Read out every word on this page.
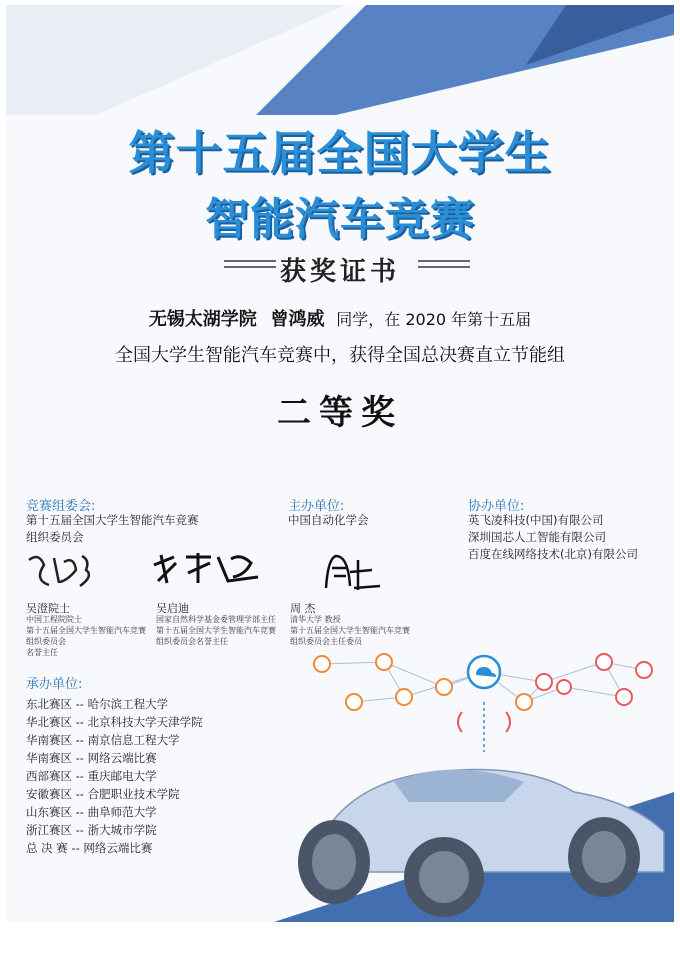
第十五届全国大学生
智能汽车竞赛
获奖证书
无锡太湖学院 曾鸿威 同学，在 2020 年第十五届
全国大学生智能汽车竞赛中，获得全国总决赛直立节能组
二等奖
竞赛组委会:
第十五届全国大学生智能汽车竞赛
组织委员会
主办单位:
中国自动化学会
协办单位:
英飞凌科技(中国)有限公司
深圳国芯人工智能有限公司
百度在线网络技术(北京)有限公司
吴澄院士
中国工程院院士
第十五届全国大学生智能汽车竞赛
组织委员会
名誉主任
吴启迪
国家自然科学基金委管理学部主任
第十五届全国大学生智能汽车竞赛
组织委员会名誉主任
周 杰
清华大学 教授
第十五届全国大学生智能汽车竞赛
组织委员会主任委员
承办单位:
东北赛区 -- 哈尔滨工程大学
华北赛区 -- 北京科技大学天津学院
华南赛区 -- 南京信息工程大学
华南赛区 -- 网络云端比赛
西部赛区 -- 重庆邮电大学
安徽赛区 -- 合肥职业技术学院
山东赛区 -- 曲阜师范大学
浙江赛区 -- 浙大城市学院
总 决 赛 -- 网络云端比赛
